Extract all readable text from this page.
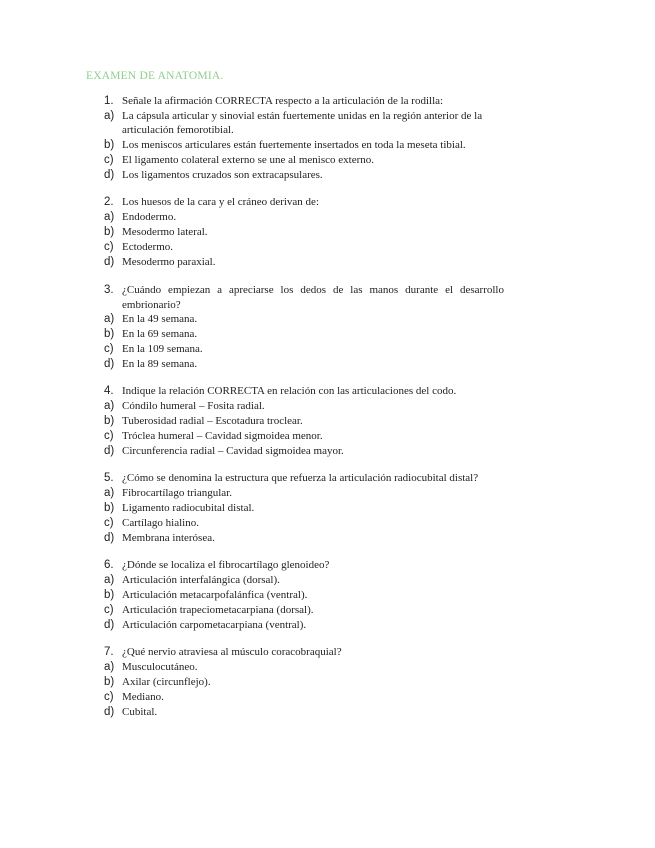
EXAMEN DE ANATOMIA.
1. Señale la afirmación CORRECTA respecto a la articulación de la rodilla:
a) La cápsula articular y sinovial están fuertemente unidas en la región anterior de la articulación femorotibial.
b) Los meniscos articulares están fuertemente insertados en toda la meseta tibial.
c) El ligamento colateral externo se une al menisco externo.
d) Los ligamentos cruzados son extracapsulares.
2. Los huesos de la cara y el cráneo derivan de:
a) Endodermo.
b) Mesodermo lateral.
c) Ectodermo.
d) Mesodermo paraxial.
3. ¿Cuándo empiezan a apreciarse los dedos de las manos durante el desarrollo embrionario?
a) En la 49 semana.
b) En la 69 semana.
c) En la 109 semana.
d) En la 89 semana.
4. Indique la relación CORRECTA en relación con las articulaciones del codo.
a) Cóndilo humeral – Fosita radial.
b) Tuberosidad radial – Escotadura troclear.
c) Tróclea humeral – Cavidad sigmoidea menor.
d) Circunferencia radial – Cavidad sigmoidea mayor.
5. ¿Cómo se denomina la estructura que refuerza la articulación radiocubital distal?
a) Fibrocartílago triangular.
b) Ligamento radiocubital distal.
c) Cartílago hialino.
d) Membrana interósea.
6. ¿Dónde se localiza el fibrocartílago glenoideo?
a) Articulación interfalángica (dorsal).
b) Articulación metacarpofalánfica (ventral).
c) Articulación trapeciometacarpiana (dorsal).
d) Articulación carpometacarpiana (ventral).
7. ¿Qué nervio atraviesa al músculo coracobraquial?
a) Musculocutáneo.
b) Axilar (circunflejo).
c) Mediano.
d) Cubital.
